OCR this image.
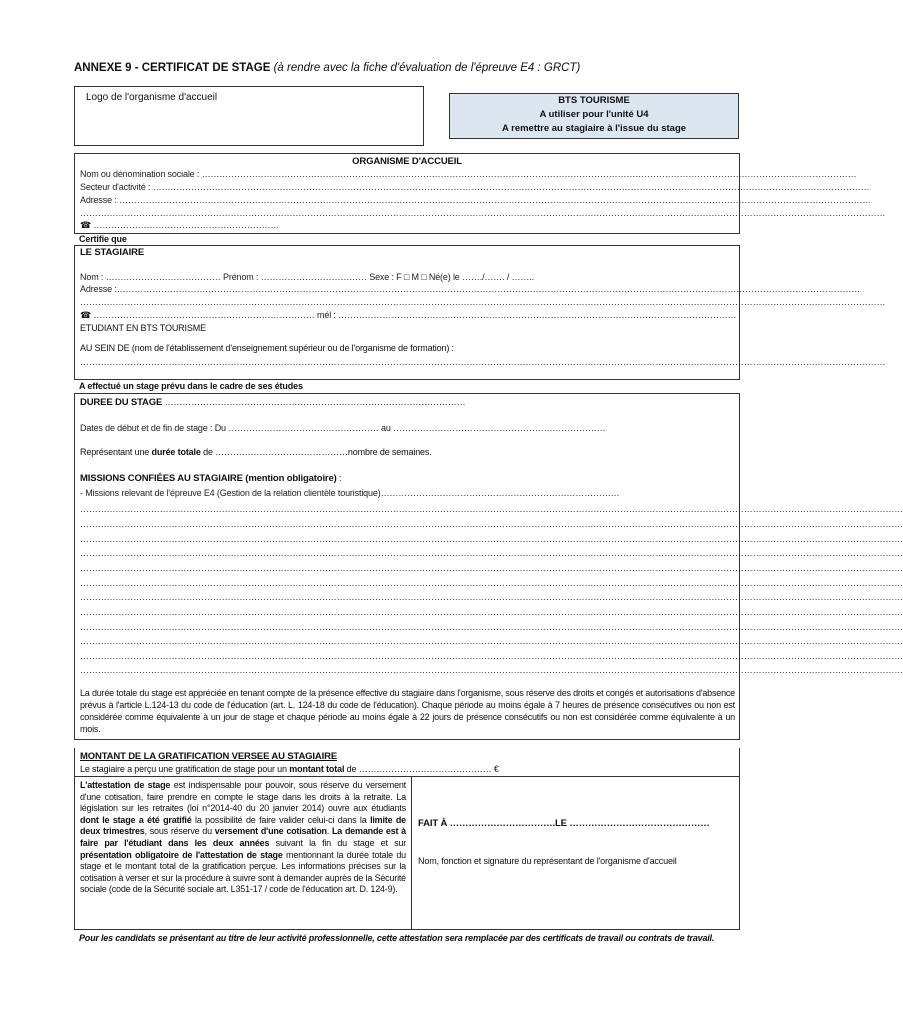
ANNEXE 9 - CERTIFICAT DE STAGE (à rendre avec la fiche d'évaluation de l'épreuve E4 : GRCT)
Logo de l'organisme d'accueil	BTS TOURISME
A utiliser pour l'unité U4
A remettre au stagiaire à l'issue du stage
ORGANISME D'ACCUEIL
Nom ou dénomination sociale : ……………………………………………………………………………………………………………………………………………………………………………………………………
Secteur d'activité : ………………………………………………………………………………………………………………………………………………………………………………………………………………………
Adresse : …………………………………………………………………………………………………………………………………………………………………………………………………………………………………
…………………………………………………………………………………………………………………………………………………………………………………………………………………………………………………
☎ ………………………………………………………
Certifie que
LE STAGIAIRE
Nom : ………………………………… Prénom : ……………………………… Sexe : F □ M □ Né(e) le ……./……. / ……..
Adresse :………………………………………………………………………………………………………………………………………………………………………………………………………………………………
…………………………………………………………………………………………………………………………………………………………………………………………………………………………………………………
☎ ………………………………………………………………… mél : ………………………………………………………………………………………………………………………
ETUDIANT EN BTS TOURISME
AU SEIN DE (nom de l'établissement d'enseignement supérieur ou de l'organisme de formation) :
…………………………………………………………………………………………………………………………………………………………………………………………………………………………………………………
A effectué un stage prévu dans le cadre de ses études
DUREE DU STAGE …………………………………………………………………………………………
Dates de début et de fin de stage : Du …………………………………………… au ………………………………………………………………
Représentant une durée totale de ………………………………………nombre de semaines.
MISSIONS CONFIÉES AU STAGIAIRE (mention obligatoire) :
- Missions relevant de l'épreuve E4 (Gestion de la relation clientèle touristique)………………………………………………………………………
………………………………………………………………………………………………………………………………………………………………………………………………………………………………………………………
………………………………………………………………………………………………………………………………………………………………………………………………………………………………………………………
………………………………………………………………………………………………………………………………………………………………………………………………………………………………………………………
………………………………………………………………………………………………………………………………………………………………………………………………………………………………………………………
………………………………………………………………………………………………………………………………………………………………………………………………………………………………………………………
………………………………………………………………………………………………………………………………………………………………………………………………………………………………………………………
………………………………………………………………………………………………………………………………………………………………………………………………………………………………………………………
………………………………………………………………………………………………………………………………………………………………………………………………………………………………………………………
………………………………………………………………………………………………………………………………………………………………………………………………………………………………………………………
………………………………………………………………………………………………………………………………………………………………………………………………………………………………………………………
………………………………………………………………………………………………………………………………………………………………………………………………………………………………………………………
………………………………………………………………………………………………………………………………………………………………………………………………………………………………………………………
La durée totale du stage est appréciée en tenant compte de la présence effective du stagiaire dans l'organisme, sous réserve des droits et congés et autorisations d'absence prévus à l'article L.124-13 du code de l'éducation (art. L. 124-18 du code de l'éducation). Chaque période au moins égale à 7 heures de présence consécutives ou non est considérée comme équivalente à un jour de stage et chaque période au moins égale à 22 jours de présence consécutifs ou non est considérée comme équivalente à un mois.
MONTANT DE LA GRATIFICATION VERSEE AU STAGIAIRE
Le stagiaire a perçu une gratification de stage pour un montant total de ……………………………………… €
L'attestation de stage est indispensable pour pouvoir, sous réserve du versement d'une cotisation, faire prendre en compte le stage dans les droits à la retraite. La législation sur les retraites (loi n°2014-40 du 20 janvier 2014) ouvre aux étudiants dont le stage a été gratifié la possibilité de faire valider celui-ci dans la limite de deux trimestres, sous réserve du versement d'une cotisation. La demande est à faire par l'étudiant dans les deux années suivant la fin du stage et sur présentation obligatoire de l'attestation de stage mentionnant la durée totale du stage et le montant total de la gratification perçue. Les informations précises sur la cotisation à verser et sur la procédure à suivre sont à demander auprès de la Sécurité sociale (code de la Sécurité sociale art. L351-17 / code de l'éducation art. D. 124-9).
FAIT À …………………………….LE ………………………………………
Nom, fonction et signature du représentant de l'organisme d'accueil
Pour les candidats se présentant au titre de leur activité professionnelle, cette attestation sera remplacée par des certificats de travail ou contrats de travail.
